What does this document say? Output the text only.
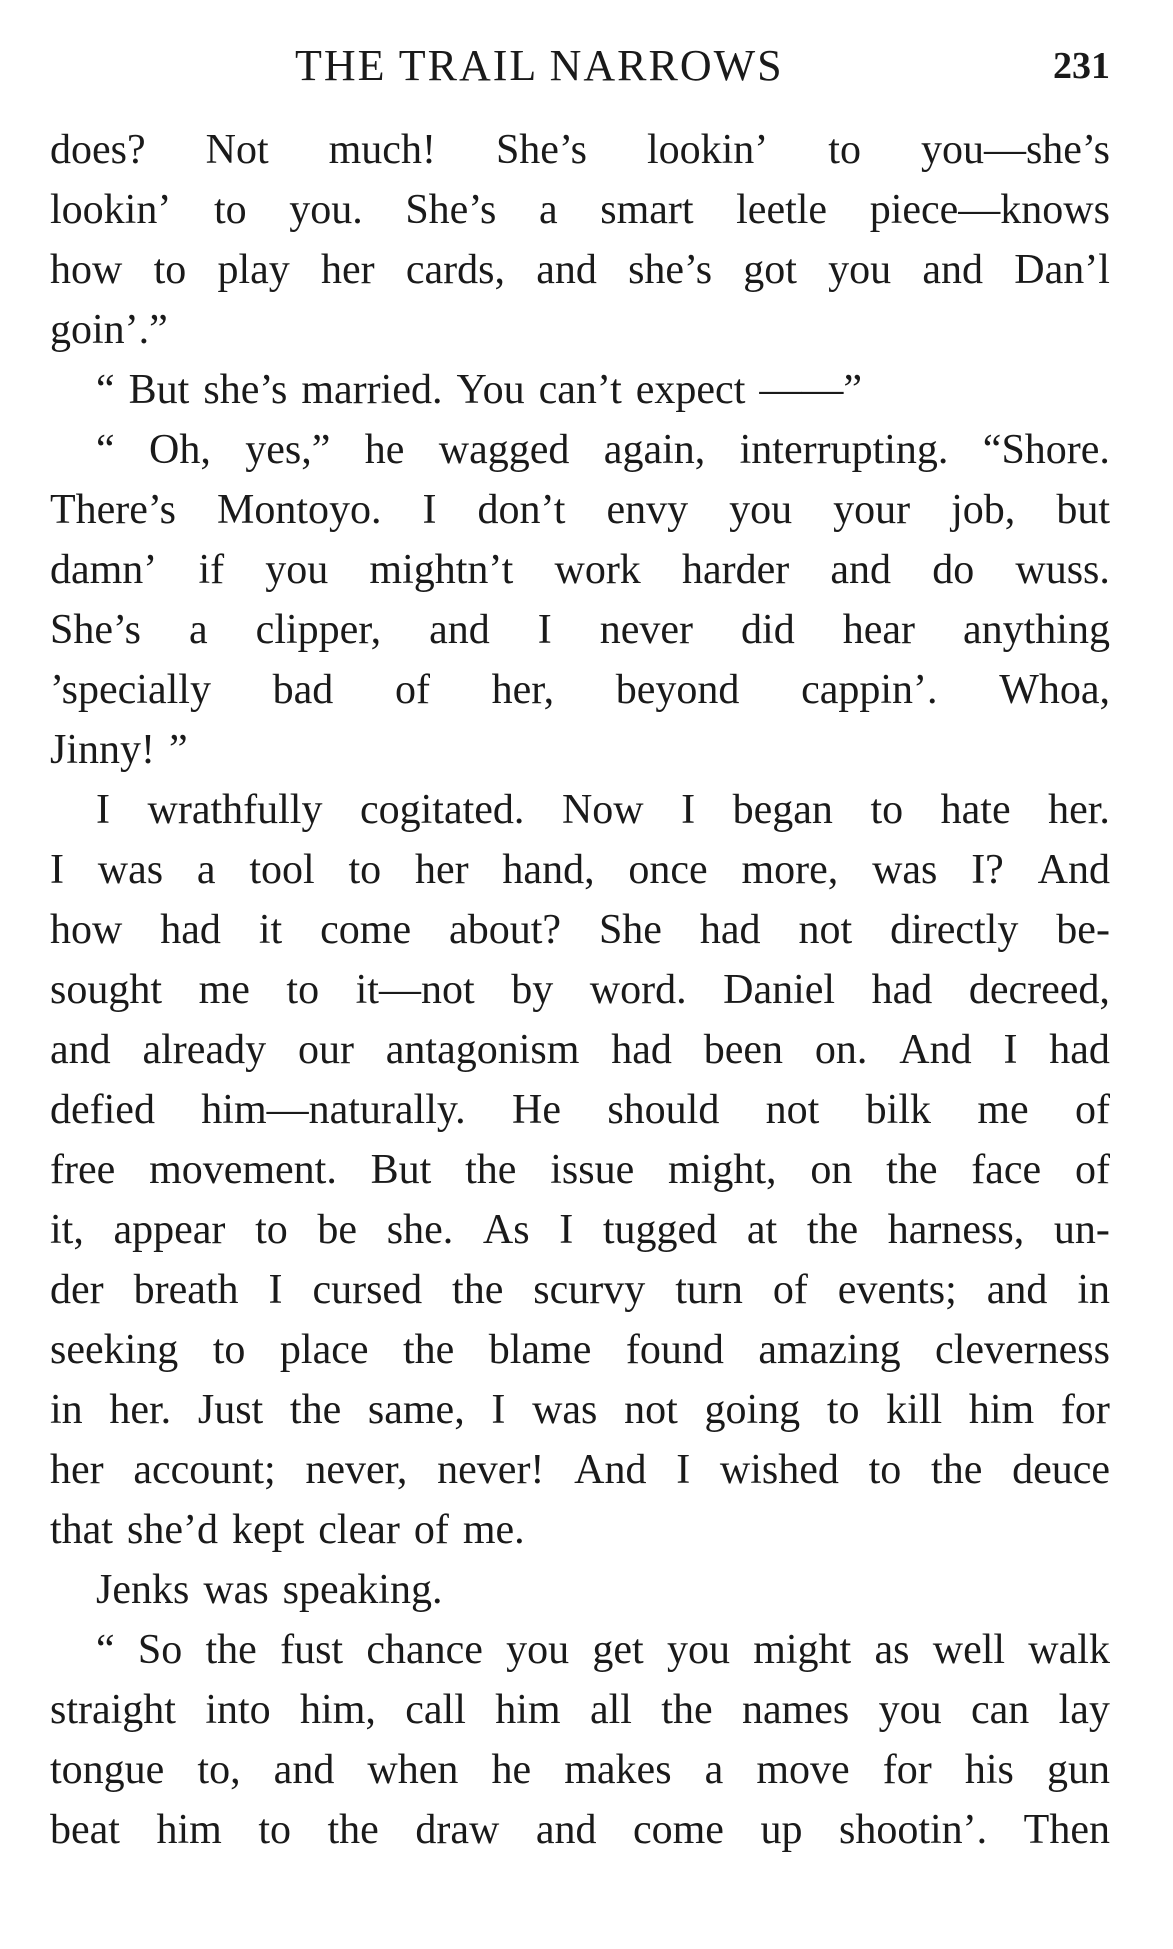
THE TRAIL NARROWS	231
does? Not much! She’s lookin’ to you—she’s
lookin’ to you. She’s a smart leetle piece—knows
how to play her cards, and she’s got you and Dan’l
goin’.”
“ But she’s married. You can’t expect ——”
“ Oh, yes,” he wagged again, interrupting. “Shore.
There’s Montoyo. I don’t envy you your job, but
damn’ if you mightn’t work harder and do wuss.
She’s a clipper, and I never did hear anything
’specially bad of her, beyond cappin’. Whoa,
Jinny! ”
I wrathfully cogitated. Now I began to hate her.
I was a tool to her hand, once more, was I? And
how had it come about? She had not directly be-
sought me to it—not by word. Daniel had decreed,
and already our antagonism had been on. And I had
defied him—naturally. He should not bilk me of
free movement. But the issue might, on the face of
it, appear to be she. As I tugged at the harness, un-
der breath I cursed the scurvy turn of events; and in
seeking to place the blame found amazing cleverness
in her. Just the same, I was not going to kill him for
her account; never, never! And I wished to the deuce
that she’d kept clear of me.
Jenks was speaking.
“ So the fust chance you get you might as well walk
straight into him, call him all the names you can lay
tongue to, and when he makes a move for his gun
beat him to the draw and come up shootin’. Then
